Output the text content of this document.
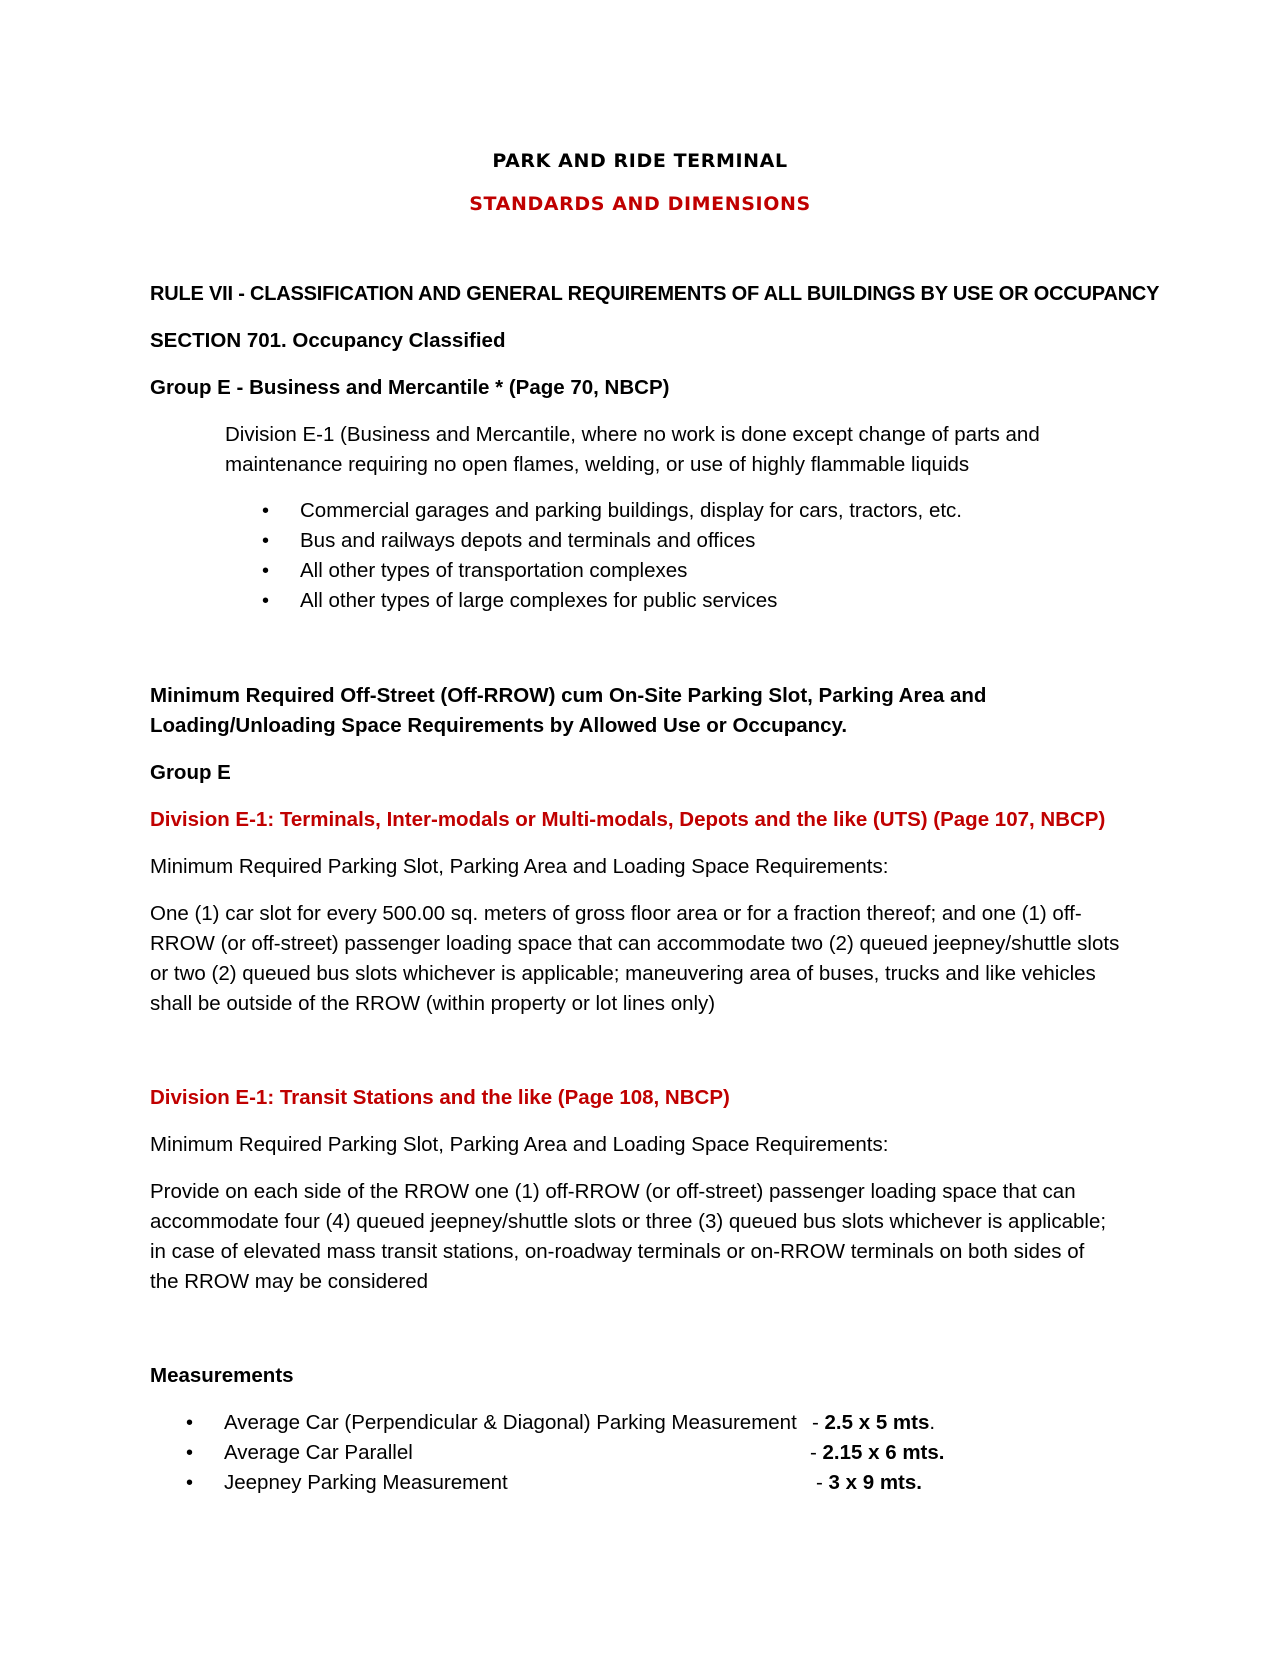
PARK AND RIDE TERMINAL
STANDARDS AND DIMENSIONS
RULE VII - CLASSIFICATION AND GENERAL REQUIREMENTS OF ALL BUILDINGS BY USE OR OCCUPANCY
SECTION 701. Occupancy Classified
Group E - Business and Mercantile * (Page 70, NBCP)

Division E-1 (Business and Mercantile, where no work is done except change of parts and maintenance requiring no open flames, welding, or use of highly flammable liquids

• Commercial garages and parking buildings, display for cars, tractors, etc.
• Bus and railways depots and terminals and offices
• All other types of transportation complexes
• All other types of large complexes for public services

Minimum Required Off-Street (Off-RROW) cum On-Site Parking Slot, Parking Area and Loading/Unloading Space Requirements by Allowed Use or Occupancy.

Group E
Division E-1: Terminals, Inter-modals or Multi-modals, Depots and the like (UTS) (Page 107, NBCP)
Minimum Required Parking Slot, Parking Area and Loading Space Requirements:

One (1) car slot for every 500.00 sq. meters of gross floor area or for a fraction thereof; and one (1) off-RROW (or off-street) passenger loading space that can accommodate two (2) queued jeepney/shuttle slots or two (2) queued bus slots whichever is applicable; maneuvering area of buses, trucks and like vehicles shall be outside of the RROW (within property or lot lines only)

Division E-1: Transit Stations and the like (Page 108, NBCP)
Minimum Required Parking Slot, Parking Area and Loading Space Requirements:

Provide on each side of the RROW one (1) off-RROW (or off-street) passenger loading space that can accommodate four (4) queued jeepney/shuttle slots or three (3) queued bus slots whichever is applicable; in case of elevated mass transit stations, on-roadway terminals or on-RROW terminals on both sides of the RROW may be considered

Measurements
• Average Car (Perpendicular & Diagonal) Parking Measurement - 2.5 x 5 mts.
• Average Car Parallel	- 2.15 x 6 mts.
• Jeepney Parking Measurement	- 3 x 9 mts.
